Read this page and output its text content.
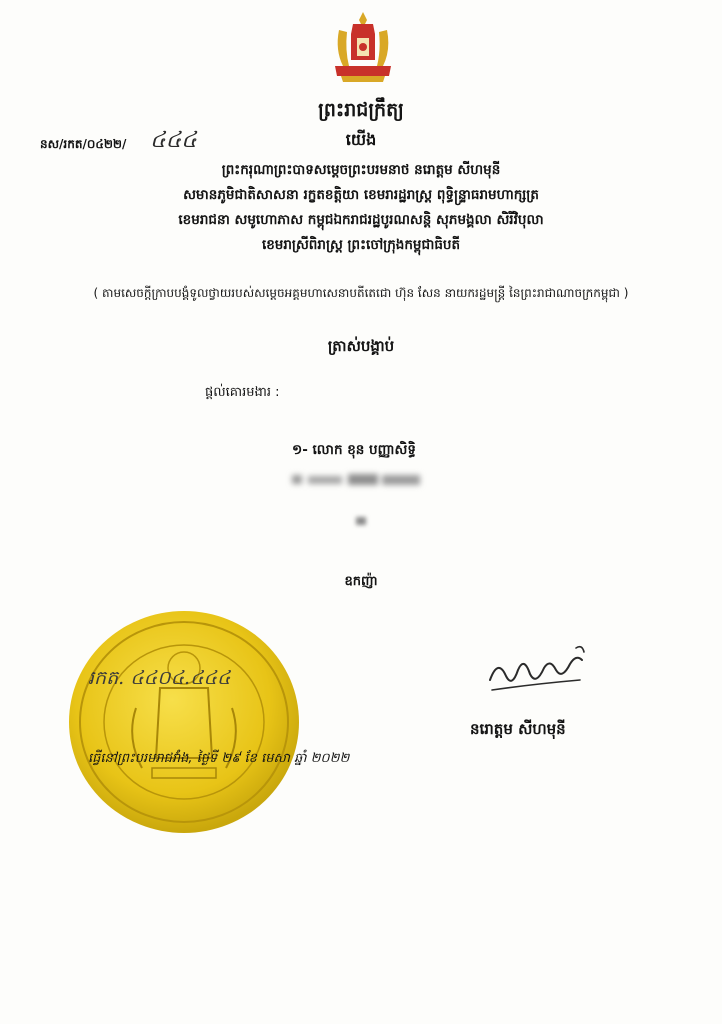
ព្រះរាជក្រឹត្យ
នស/រកត/០៤២២/ ៤៤៤	យើង
ព្រះករុណាព្រះបាទសម្តេចព្រះបរមនាថ នរោត្តម សីហមុនី
សមានភូមិជាតិសាសនា រក្ខតខត្តិយា ខេមរារដ្ឋរាស្ត្រ ពុទ្ធិន្ទ្រាធរាមហាក្សត្រ
ខេមរាជនា សមូហោភាស កម្ពុជឯករាជរដ្ឋបូរណសន្តិ សុភមង្គលា សិរីវិបុលា
ខេមរាស្រីពិរាស្ត្រ ព្រះចៅក្រុងកម្ពុជាធិបតី
( តាមសេចក្តីក្រាបបង្គំទូលថ្វាយរបស់សម្តេចអគ្គមហាសេនាបតីតេជោ ហ៊ុន សែន នាយករដ្ឋមន្ត្រី នៃព្រះរាជាណាចក្រកម្ពុជា )
ត្រាស់បង្គាប់
ផ្តល់គោរមងារ :
១- លោក ខុន បញ្ញាសិទ្ធិ
ឧកញ៉ា
រកត. ៤៤០៤.៤៤៤
ធ្វើនៅព្រះបរមរាជវាំង, ថ្ងៃទី ២៩ ខែ មេសា ឆ្នាំ ២០២២
នរោត្តម សីហមុនី
